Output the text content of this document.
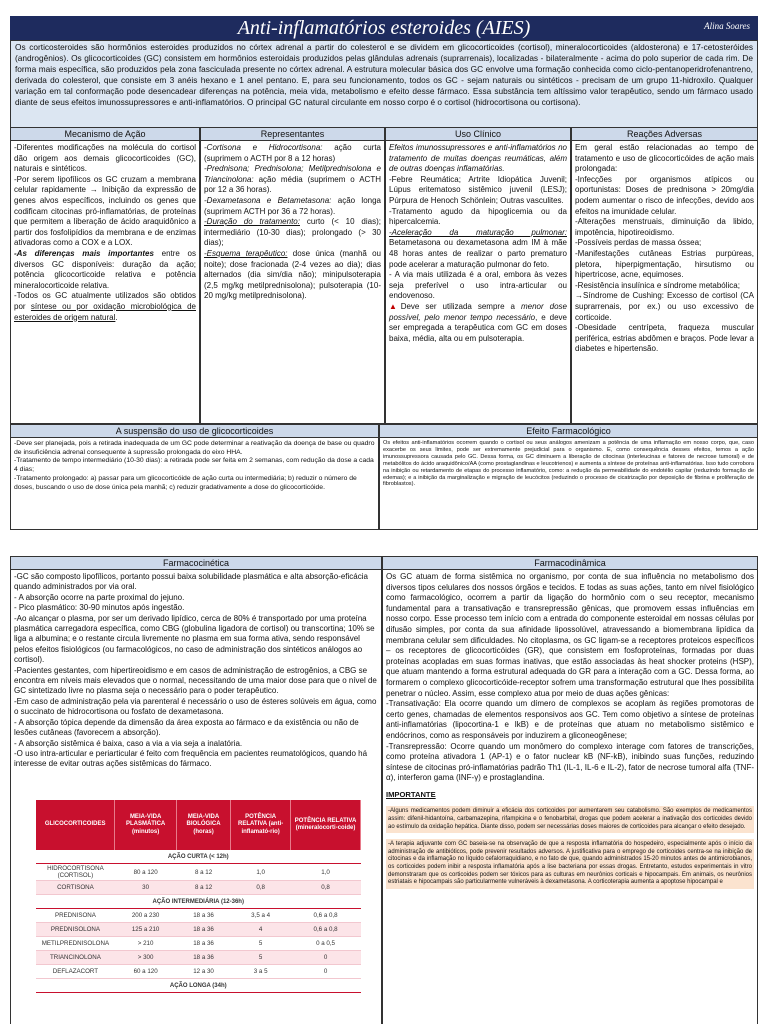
Anti-inflamatórios esteroides (AIES)	Alina Soares
Os corticosteroides são hormônios esteroides produzidos no córtex adrenal a partir do colesterol e se dividem em glicocorticoides (cortisol), mineralocorticoides (aldosterona) e 17-cetosteróides (androgênios). Os glicocorticoides (GC) consistem em hormônios esteroidais produzidos pelas glândulas adrenais (suprarrenais), localizadas - bilateralmente - acima do polo superior de cada rim. De forma mais específica, são produzidos pela zona fasciculada presente no córtex adrenal. A estrutura molecular básica dos GC envolve uma formação conhecida como ciclo-pentanoperidrofenantreno, derivada do colesterol, que consiste em 3 anéis hexano e 1 anel pentano. E, para seu funcionamento, todos os GC - sejam naturais ou sintéticos - precisam de um grupo 11-hidroxilo. Qualquer variação em tal conformação pode desencadear diferenças na potência, meia vida, metabolismo e efeito desse fármaco. Essa substância tem altíssimo valor terapêutico, sendo um fármaco usado diante de seus efeitos imunossupressores e anti-inflamatórios. O principal GC natural circulante em nosso corpo é o cortisol (hidrocortisona ou cortisona).
Mecanismo de Ação

-Diferentes modificações na molécula do cortisol dão origem aos demais glicocorticoides (GC), naturais e sintéticos.

-Por serem lipofílicos os GC cruzam a membrana celular rapidamente → Inibição da expressão de genes alvos específicos, incluindo os genes que codificam citocinas pró-inflamatórias, de proteínas que permitem a liberação de ácido araquidônico a partir dos fosfolipídios da membrana e de enzimas ativadoras como a COX e a LOX.

-As diferenças mais importantes entre os diversos GC disponíveis: duração da ação; potência glicocorticoide relativa e potência mineralocorticoide relativa.

-Todos os GC atualmente utilizados são obtidos por síntese ou por oxidação microbiológica de esteroides de origem natural.

Representantes

-Cortisona e Hidrocortisona: ação curta (suprimem o ACTH por 8 a 12 horas)

-Prednisona; Prednisolona; Metilprednisolona e Triancinolona: ação média (suprimem o ACTH por 12 a 36 horas).

-Dexametasona e Betametasona: ação longa (suprimem ACTH por 36 a 72 horas).

-Duração do tratamento: curto (< 10 dias); intermediário (10-30 dias); prolongado (> 30 dias);

-Esquema terapêutico: dose única (manhã ou noite); dose fracionada (2-4 vezes ao dia); dias alternados (dia sim/dia não); minipulsoterapia (2,5 mg/kg metilprednisolona); pulsoterapia (10-20 mg/kg metilprednisolona).

Uso Clínico

Efeitos imunossupressores e anti-inflamatórios no tratamento de muitas doenças reumáticas, além de outras doenças inflamatórias.

-Febre Reumática; Artrite Idiopática Juvenil; Lúpus eritematoso sistêmico juvenil (LESJ); Púrpura de Henoch Schönlein; Outras vasculites.

-Tratamento agudo da hipoglicemia ou da hipercalcemia.

-Aceleração da maturação pulmonar: Betametasona ou dexametasona adm IM à mãe 48 horas antes de realizar o parto prematuro pode acelerar a maturação pulmonar do feto.

- A via mais utilizada é a oral, embora às vezes seja preferível o uso intra-articular ou endovenoso.

▲Deve ser utilizada sempre a menor dose possível, pelo menor tempo necessário, e deve ser empregada a terapêutica com GC em doses baixa, média, alta ou em pulsoterapia.

Reações Adversas

Em geral estão relacionadas ao tempo de tratamento e uso de glicocorticóides de ação mais prolongada:

-Infecções por organismos atípicos ou oportunistas: Doses de prednisona > 20mg/dia podem aumentar o risco de infecções, devido aos efeitos na imunidade celular.

-Alterações menstruais, diminuição da libido, impotência, hipotireoidismo.

-Possíveis perdas de massa óssea;

-Manifestações cutâneas Estrias purpúreas, pletora, hiperpigmentação, hirsutismo ou hipertricose, acne, equimoses.

-Resistência insulínica e síndrome metabólica;

→Síndrome de Cushing: Excesso de cortisol (CA suprarrenais, por ex.) ou uso excessivo de corticoide.

-Obesidade centrípeta, fraqueza muscular periférica, estrias abdômen e braços. Pode levar a diabetes e hipertensão.

A suspensão do uso de glicocorticoides

-Deve ser planejada, pois a retirada inadequada de um GC pode determinar a reativação da doença de base ou quadro de insuficiência adrenal consequente à supressão prolongada do eixo HHA.

-Tratamento de tempo intermediário (10-30 dias): a retirada pode ser feita em 2 semanas, com redução da dose a cada 4 dias;

-Tratamento prolongado: a) passar para um glicocorticóide de ação curta ou intermediária; b) reduzir o número de doses, buscando o uso de dose única pela manhã; c) reduzir gradativamente a dose do glicocorticóide.

Efeito Farmacológico

Os efeitos anti-inflamatórios ocorrem quando o cortisol ou seus análogos amenizam a potência de uma inflamação em nosso corpo, que, caso exacerbe os seus limites, pode ser extremamente prejudicial para o organismo. E, como consequência desses efeitos, temos a ação imunossupressora causada pelo GC. Dessa forma, os GC diminuem a liberação de citocinas (interleucinas e fatores de necrose tumoral) e de metabólitos do ácido araquidônico/AA (como prostaglandinas e leucotrienos) e aumenta a síntese de proteínas anti-inflamatórias. Isso tudo corrobora na inibição ou retardamento de etapas do processo inflamatório, como: a redução da permeabilidade do endotélio capilar (reduzindo formação de edemas); e a inibição da marginalização e migração de leucócitos (reduzindo o processo de cicatrização por deposição de fibrina e proliferação de fibroblastos).

Farmacocinética

-GC são composto lipofílicos, portanto possui baixa solubilidade plasmática e alta absorção-eficácia quando administrados por via oral.

- A absorção ocorre na parte proximal do jejuno.

- Pico plasmático: 30-90 minutos após ingestão.

-Ao alcançar o plasma, por ser um derivado lipídico, cerca de 80% é transportado por uma proteína plasmática carregadora específica, como CBG (globulina ligadora de cortisol) ou transcortina; 10% se liga a albumina; e o restante circula livremente no plasma em sua forma ativa, sendo responsável pelos efeitos fisiológicos (ou farmacológicos, no caso de administração dos sintéticos análogos ao cortisol).

-Pacientes gestantes, com hipertireoidismo e em casos de administração de estrogênios, a CBG se encontra em níveis mais elevados que o normal, necessitando de uma maior dose para que o nível de GC sintetizado livre no plasma seja o necessário para o poder terapêutico.

-Em caso de administração pela via parenteral é necessário o uso de ésteres solúveis em água, como o succinato de hidrocortisona ou fosfato de dexametasona.

- A absorção tópica depende da dimensão da área exposta ao fármaco e da existência ou não de lesões cutâneas (favorecem a absorção).

- A absorção sistêmica é baixa, caso a via a via seja a inalatória.

-O uso intra-articular e periarticular é feito com frequência em pacientes reumatológicos, quando há interesse de evitar outras ações sistêmicas do fármaco.

GLICOCORTICOIDES	MEIA-VIDA PLASMÁTICA (minutos)	MEIA-VIDA BIOLÓGICA (horas)	POTÊNCIA RELATIVA (anti-inflamató-rio)	POTÊNCIA RELATIVA (mineralocorti-coide)
AÇÃO CURTA (< 12h)				
HIDROCORTISONA (CORTISOL)	80 a 120	8 a 12	1,0	1,0
CORTISONA	30	8 a 12	0,8	0,8
AÇÃO INTERMEDIÁRIA (12-36h)				
PREDNISONA	200 a 230	18 a 36	3,5 a 4	0,6 a 0,8
PREDNISOLONA	125 a 210	18 a 36	4	0,6 a 0,8
METILPREDNISOLONA	> 210	18 a 36	5	0 a 0,5
TRIANCINOLONA	> 300	18 a 36	5	0
DEFLAZACORT	60 a 120	12 a 30	3 a 5	0
AÇÃO LONGA (34h)				
Farmacodinâmica

Os GC atuam de forma sistêmica no organismo, por conta de sua influência no metabolismo dos diversos tipos celulares dos nossos órgãos e tecidos. E todas as suas ações, tanto em nível fisiológico como farmacológico, ocorrem a partir da ligação do hormônio com o seu receptor, mecanismo fundamental para a transativação e transrepressão gênicas, que promovem essas influências em nosso corpo. Esse processo tem início com a entrada do componente esteroidal em nossas células por difusão simples, por conta da sua afinidade lipossolúvel, atravessando a biomembrana lipídica da membrana celular sem dificuldades. No citoplasma, os GC ligam-se a receptores proteicos específicos – os receptores de glicocorticóides (GR), que consistem em fosfoproteínas, formadas por duas proteínas acopladas em suas formas inativas, que estão associadas às heat shocker proteins (HSP), que atuam mantendo a forma estrutural adequada do GR para a interação com a GC. Dessa forma, ao formarem o complexo glicocorticóide-receptor sofrem uma transformação estrutural que lhes possibilita penetrar o núcleo. Assim, esse complexo atua por meio de duas ações gênicas:

-Transativação: Ela ocorre quando um dímero de complexos se acoplam às regiões promotoras de certo genes, chamadas de elementos responsivos aos GC. Tem como objetivo a síntese de proteínas anti-inflamatórias (lipocortina-1 e IkB) e de proteínas que atuam no metabolismo sistêmico e endócrinos, como as responsáveis por induzirem a gliconeogênese;

-Transrepressão: Ocorre quando um monômero do complexo interage com fatores de transcrições, como proteína ativadora 1 (AP-1) e o fator nuclear kB (NF-kB), inibindo suas funções, reduzindo síntese de citocinas pró-inflamatórias padrão Th1 (IL-1, IL-6 e IL-2), fator de necrose tumoral alfa (TNF-α), interferon gama (INF-γ) e prostaglandina.

IMPORTANTE

-Alguns medicamentos podem diminuir a eficácia dos corticoides por aumentarem seu catabolismo. São exemplos de medicamentos assim: difenil-hidantoína, carbamazepina, rifampicina e o fenobarbital, drogas que podem acelerar a inativação dos corticoides devido ao estímulo da oxidação hepática. Diante disso, podem ser necessárias doses maiores de corticoides para alcançar o efeito desejado.

-A terapia adjuvante com GC baseia-se na observação de que a resposta inflamatória do hospedeiro, especialmente após o início da administração de antibióticos, pode prevenir resultados adversos. A justificativa para o emprego de corticoides centra-se na inibição de citocinas e da inflamação no líquido cefalorraquidiano, e no fato de que, quando administrados 15-20 minutos antes de antimicrobianos, os corticoides podem inibir a resposta inflamatória após a lise bacteriana por essas drogas. Entretanto, estudos experimentais in vitro demonstraram que os corticoides podem ser tóxicos para as culturas em neurônios corticais e hipocampais. Em animais, os neurônios estriatais e hipocampais são particularmente vulneráveis à dexametasona. A corticoterapia aumenta a apoptose hipocampal e
